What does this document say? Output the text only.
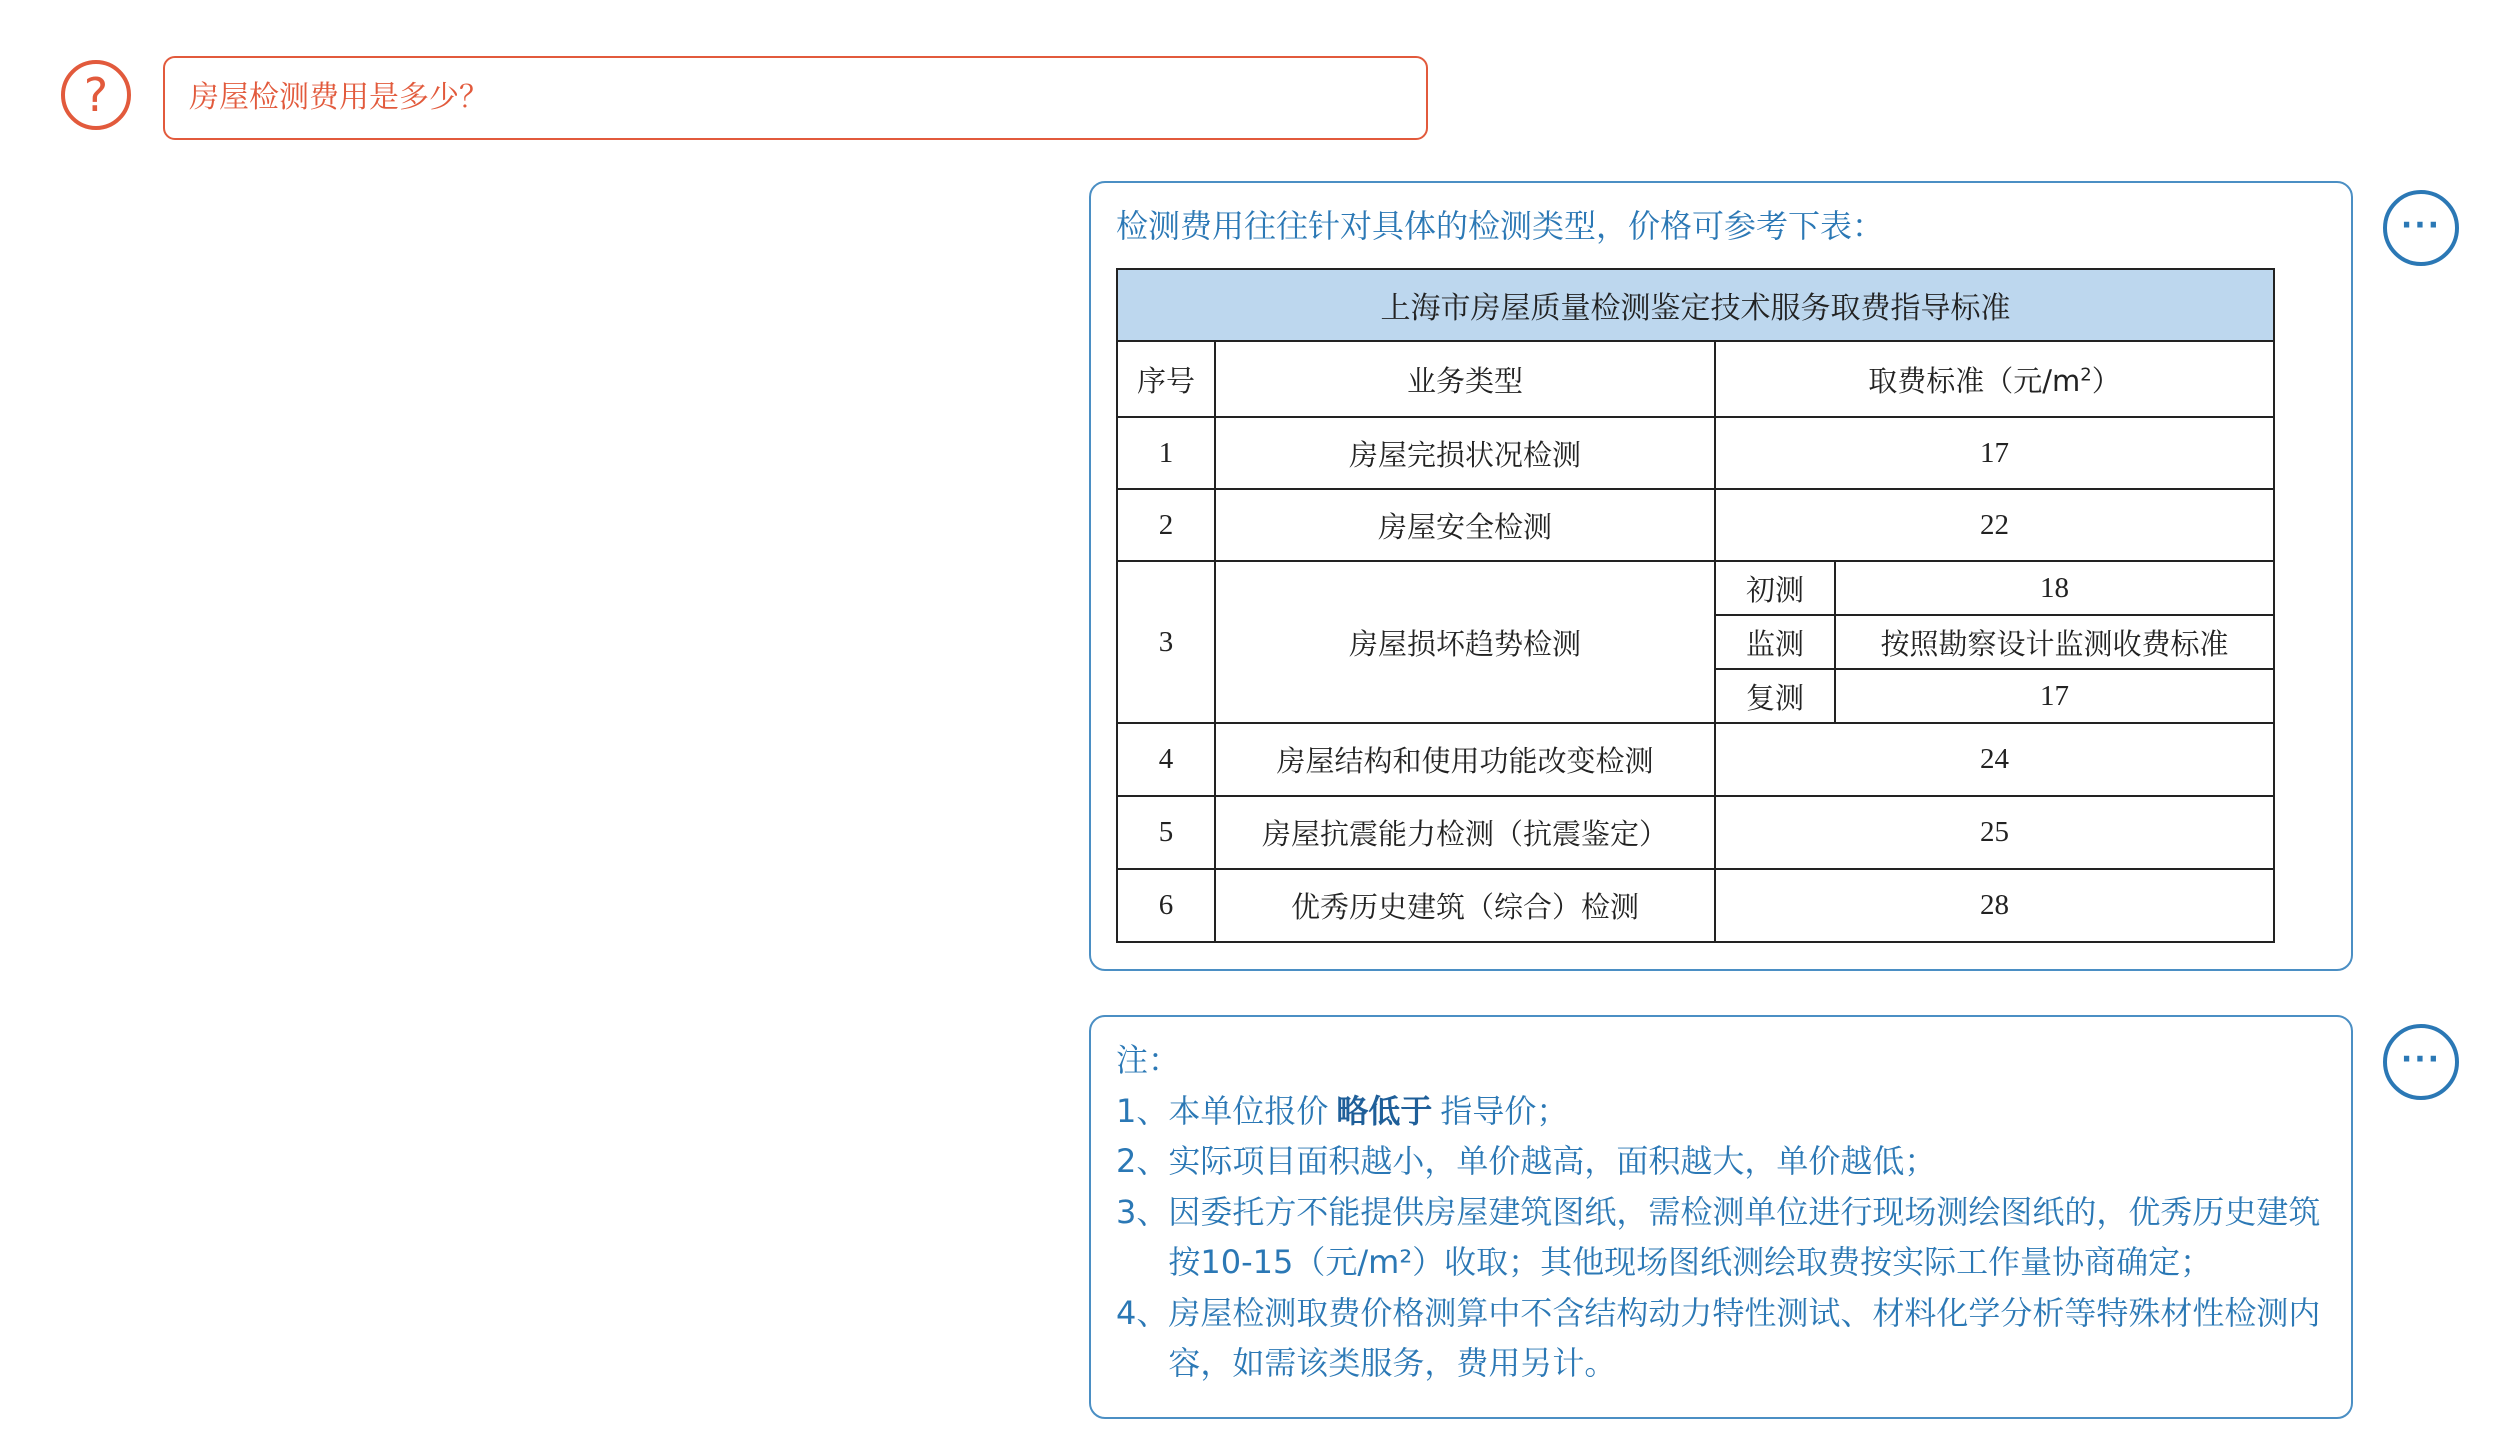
?	房屋检测费用是多少？
检测费用往往针对具体的检测类型，价格可参考下表：
上海市房屋质量检测鉴定技术服务取费指导标准			
序号	业务类型	取费标准（元$/m^2$）	
1	房屋完损状况检测	17	
2	房屋安全检测	22	
3	房屋损坏趋势检测	初测	18
		监测	按照勘察设计监测收费标准
		复测	17
4	房屋结构和使用功能改变检测	24	
5	房屋抗震能力检测（抗震鉴定）	25	
6	优秀历史建筑（综合）检测	28	
···
注：
1、本单位报价 略低于 指导价；
2、 实际项目面积越小，单价越高，面积越大，单价越低；
3、 因委托方不能提供房屋建筑图纸，需检测单位进行现场测绘图纸的，优秀历史建筑按10-15（元/m²）收取；其他现场图纸测绘取费按实际工作量协商确定；
4、 房屋检测取费价格测算中不含结构动力特性测试、材料化学分析等特殊材性检测内容，如需该类服务，费用另计。
···
